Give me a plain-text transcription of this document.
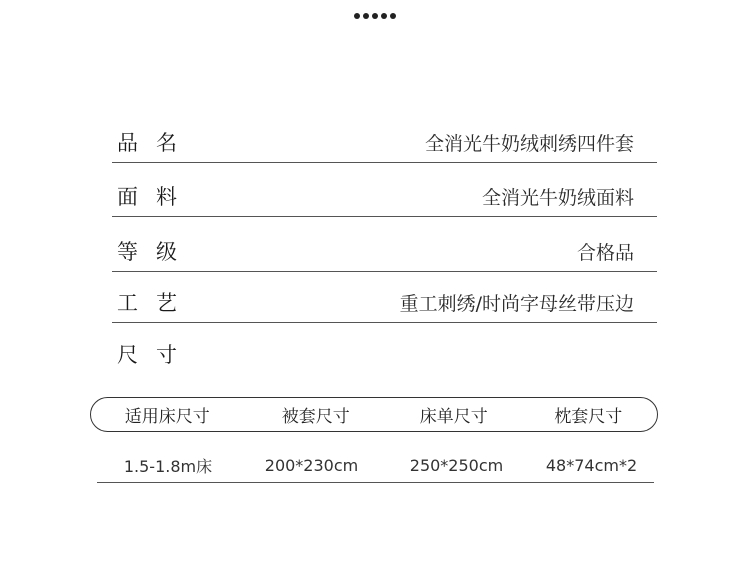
品名	全消光牛奶绒刺绣四件套
面料	全消光牛奶绒面料
等级	合格品
工艺	重工刺绣/时尚字母丝带压边
尺寸
适用床尺寸	被套尺寸	床单尺寸	枕套尺寸
1.5-1.8m床	200*230cm	250*250cm	48*74cm*2
